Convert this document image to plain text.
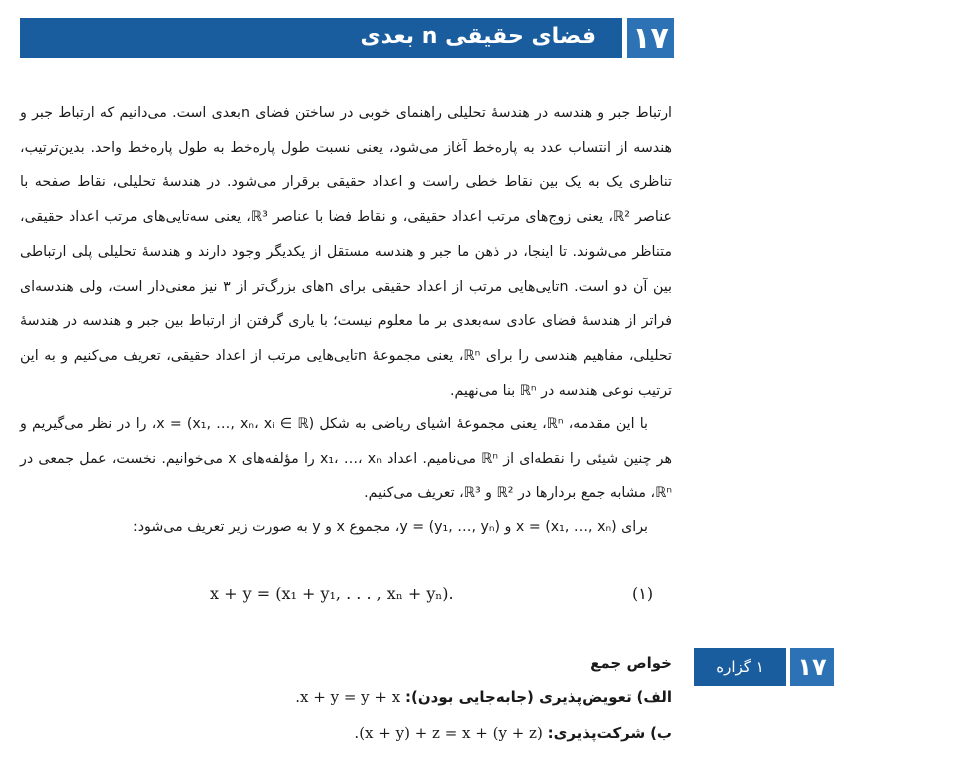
فضای حقیقی n بعدی ۱۷
ارتباط جبر و هندسه در هندسهٔ تحلیلی راهنمای خوبی در ساختن فضای nبعدی است. می‌دانیم که ارتباط جبر و هندسه از انتساب عدد به پاره‌خط آغاز می‌شود، یعنی نسبت طول پاره‌خط به طول پاره‌خط واحد. بدین‌ترتیب، تناظری یک به یک بین نقاط خطی راست و اعداد حقیقی برقرار می‌شود. در هندسهٔ تحلیلی، نقاط صفحه با عناصر ℝ²، یعنی زوج‌های مرتب اعداد حقیقی، و نقاط فضا با عناصر ℝ³، یعنی سه‌تایی‌های مرتب اعداد حقیقی، متناظر می‌شوند. تا اینجا، در ذهن ما جبر و هندسه مستقل از یکدیگر وجود دارند و هندسهٔ تحلیلی پلی ارتباطی بین آن دو است. nتایی‌هایی مرتب از اعداد حقیقی برای nهای بزرگ‌تر از ۳ نیز معنی‌دار است، ولی هندسه‌ای فراتر از هندسهٔ فضای عادی سه‌بعدی بر ما معلوم نیست؛ با یاری گرفتن از ارتباط بین جبر و هندسه در هندسهٔ تحلیلی، مفاهیم هندسی را برای ℝⁿ، یعنی مجموعهٔ nتایی‌هایی مرتب از اعداد حقیقی، تعریف می‌کنیم و به این ترتیب نوعی هندسه در ℝⁿ بنا می‌نهیم.
با این مقدمه، ℝⁿ، یعنی مجموعهٔ اشیای ریاضی به شکل (x = (x₁, …, xₙ، xᵢ ∈ ℝ، را در نظر می‌گیریم و هر چنین شیئی را نقطه‌ای از ℝⁿ می‌نامیم. اعداد x₁، …، xₙ را مؤلفه‌های x می‌خوانیم. نخست، عمل جمعی در ℝⁿ، مشابه جمع بردارها در ℝ² و ℝ³، تعریف می‌کنیم.
برای (x = (x₁, …, xₙ و (y = (y₁, …, yₙ، مجموع x و y به صورت زیر تعریف می‌شود:
x + y = (x₁ + y₁, . . . , xₙ + yₙ).	(۱)
۱ گزاره	۱۷
خواص جمع
الف) تعویض‌پذیری (جابه‌جایی بودن): .x + y = y + x
ب) شرکت‌پذیری: .(x + y) + z = x + (y + z)
